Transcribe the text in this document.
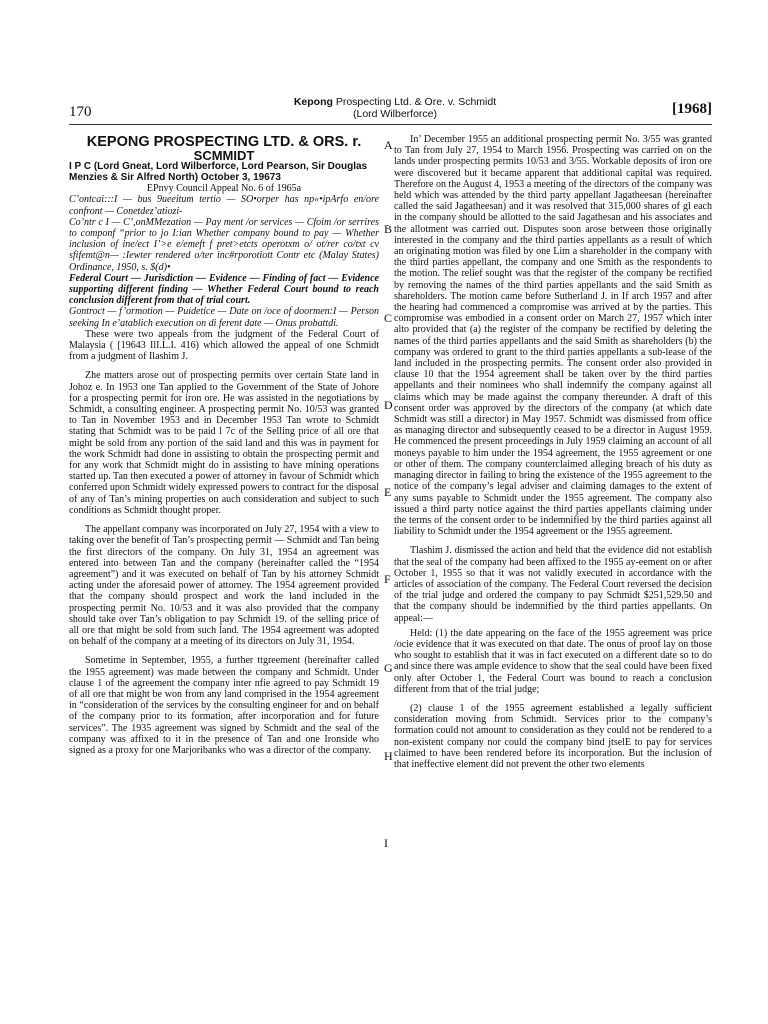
170
Kepong Prospecting Ltd. & Ore. v. Schmidt
(Lord Wilberforce)	[1968]

KEPONG PROSPECTING LTD. & ORS. r.

SCMMIDT

I P C (Lord Gneat, Lord Wilberforce, Lord Pearson, Sir Douglas Menzies & Sir Alfred North) October 3, 19673

EPnvy Council Appeal No. 6 of 1965a

C’ontcai:::I — bus 9ueeitum tertio — SO•orper has np«•ipArfo en/ore confront — Conetdez’atiozi-

Co’ntr c I — C’,onMMezation — Pay ment /or services — Cfoim /or serrires to componf “prior to jo I:ian Whether company bound to pay — Whether inclusion of ine/ect I’>e e/emeft f pret>etcts operotxm o/ ot/rer co/txt cv sfifemt@n— :Iewter rendered o/ter inc#rporotiott Contr etc (Malay States) Ordinance, 1950, s. $(d)•

Federal Court — Jurisdiction — Evidence — Finding of fact — Evidence supporting different finding — Whether Federal Court bound to reach conclusion different from that of trial court.

Gontroct — f’ormotion — Puidetice — Date on /oce of doormen:I — Person seeking In e’atablich execution on di ferent date — Onus probattdi.

These were two appeals from the judgment of the Federal Court of Malaysia ( [19643 IlI.L.I. 416) which allowed the appeal of one Schmidt from a judgment of Ilashim J.

Zhe matters arose out of prospecting permits over certain State land in Johoz e. In 1953 one Tan applied to the Government of the State of Johore for a prospecting permit for iron ore. He was assisted in the negotiations by Schmidt, a consulting engineer. A prospecting permit No. 10/53 was granted to Tan in November 1953 and in December 1953 Tan wrote to Schmidt stating that Schmidt was to be paid l 7c of the Selling price of all ore that might be sold from any portion of the said land and this was in payment for the work Schmidt had done in assisting to obtain the prospecting permit and for any work that Schmidt might do in assisting to have mining operations started up. Tan then executed a power of attorney in favour of Schmidt which conferred upon Schmidt widely expressed powers to contract for the disposal of any of Tan’s mining properties on auch consideration and subject to such conditions as Schmidt thought proper.

The appellant company was incorporated on July 27, 1954 with a view to taking over the benefit of Tan’s prospecting permit — Schmidt and Tan being the first directors of the company. On July 31, 1954 an agreement was entered into between Tan and the company (hereinafter called the “1954 agreement”) and it was executed on behalf of Tan by his attorney Schmidt acting under the aforesaid power of attorney. The 1954 agreement provided that the company should prospect and work the land included in the prospecting permit No. 10/53 and it was also provided that the company should take over Tan’s obligation to pay Schmidt 19. of the selling price of all ore that might be sold from such land. The 1954 agreement was adopted on behalf of the company at a meeting of its directors on July 31, 1954.

Sometime in September, 1955, a further ttgreement (hereinafter called the 1955 agreement) was made between the company and Schmidt. Under clause 1 of the agreement the company inter nfie agreed to pay Schmidt 19 of all ore that might be won from any land comprised in the 1954 agreement in “consideration of the services by the consulting engineer for and on behalf of the company prior to its formation, after incorporation and for future services”. The 1935 agreement was signed by Schmidt and the seal of the company was affixed to it in the presence of Tan and one Ironside who signed as a proxy for one Marjoribanks who was a director of the company.

In’ December 1955 an additional prospecting permit No. 3/55 was granted to Tan from July 27, 1954 to March 1956. Prospecting was carried on on the lands under prospecting permits 10/53 and 3/55. Workable deposits of iron ore were discovered but it became apparent that additional capital was required. Therefore on the August 4, 1953 a meeting of the directors of the company was held which was attended by the third party appellant Jagatheesan (hereinafter called the said Jagatheesan) and it was resolved that 315,000 shares of gl each in the company should be allotted to the said Jagathesan and his associates and the allotment was carried out. Disputes soon arose between those originally interested in the company and the third parties appellants as a result of which an originating motion was filed by one Lim a shareholder in the company with the third parties appellant, the company and one Smith as the respondents to the motion. The relief sought was that the register of the company be rectified by removing the names of the third parties appellants and the said Smith as shareholders. The motion came before Sutherland J. in If arch 1957 and after the hearing had commenced a compromise was arrived at by the parties. This compromise was embodied in a consent order on March 27, 1957 which inter alto provided that (a) the register of the company be rectified by deleting the names of the third parties appellants and the said Smith as shareholders (b) the company was ordered to grant to the third parties appellants a sub-lease of the land included in the prospecting permits. The consent order also provided in clause 10 that the 1954 agreement shall be taken over by the third parties appellants and their nominees who shall indemnify the company against all claims which may be made against the company thereunder. A draft of this consent order was approved by the directors of the company (at which date Schmidt was still a director) in May 1957. Schmidt was dismissed from office as managing director and subsequently ceased to be a director in August 1959. He commenced the present proceedings in July 1959 claiming an account of all moneys payable to him under the 1954 agreement, the 1955 agreement or one or other of them. The company counterclaimed alleging breach of his duty as managing director in failing to bring the existence of the 1955 agreement to the notice of the company’s legal adviser and claiming damages to the extent of any sums payable to Schmidt under the 1955 agreement. The company also issued a third party notice against the third parties appellants claiming under the terms of the consent order to be indemnified by the third parties against all liability to Schmidt under the 1954 agreement or the 1955 agreement.

Tlashim J. dismissed the action and held that the evidence did not establish that the seal of the company had been affixed to the 1955 ay-eement on or after October 1, 1955 so that it was not validly executed in accordance with the articles of association of the company. The Federal Court reversed the decision of the trial judge and ordered the company to pay Schmidt $251,529.50 and that the company should be indemnified by the third parties appellants. On appeal:—

Held: (1) the date appearing on the face of the 1955 agreement was price /ocie evidence that it was executed on that date. The onus of proof lay on those who sought to establish that it was in fact executed on a different date so to do and since there was ample evidence to show that the seal could have been fixed only after October 1, the Federal Court was bound to reach a conclusion different from that of the trial judge;

(2) clause 1 of the 1955 agreement established a legally sufficient consideration moving from Schmidt. Services prior to the company’s formation could not amount to consideration as they could not be rendered to a non-existent company nor could the company bind jtselE to pay for services claimed to have been rendered before its incorporation. But the inclusion of that ineffective element did not prevent the other two elements

A
B
C
D
E
F
G
H
I
